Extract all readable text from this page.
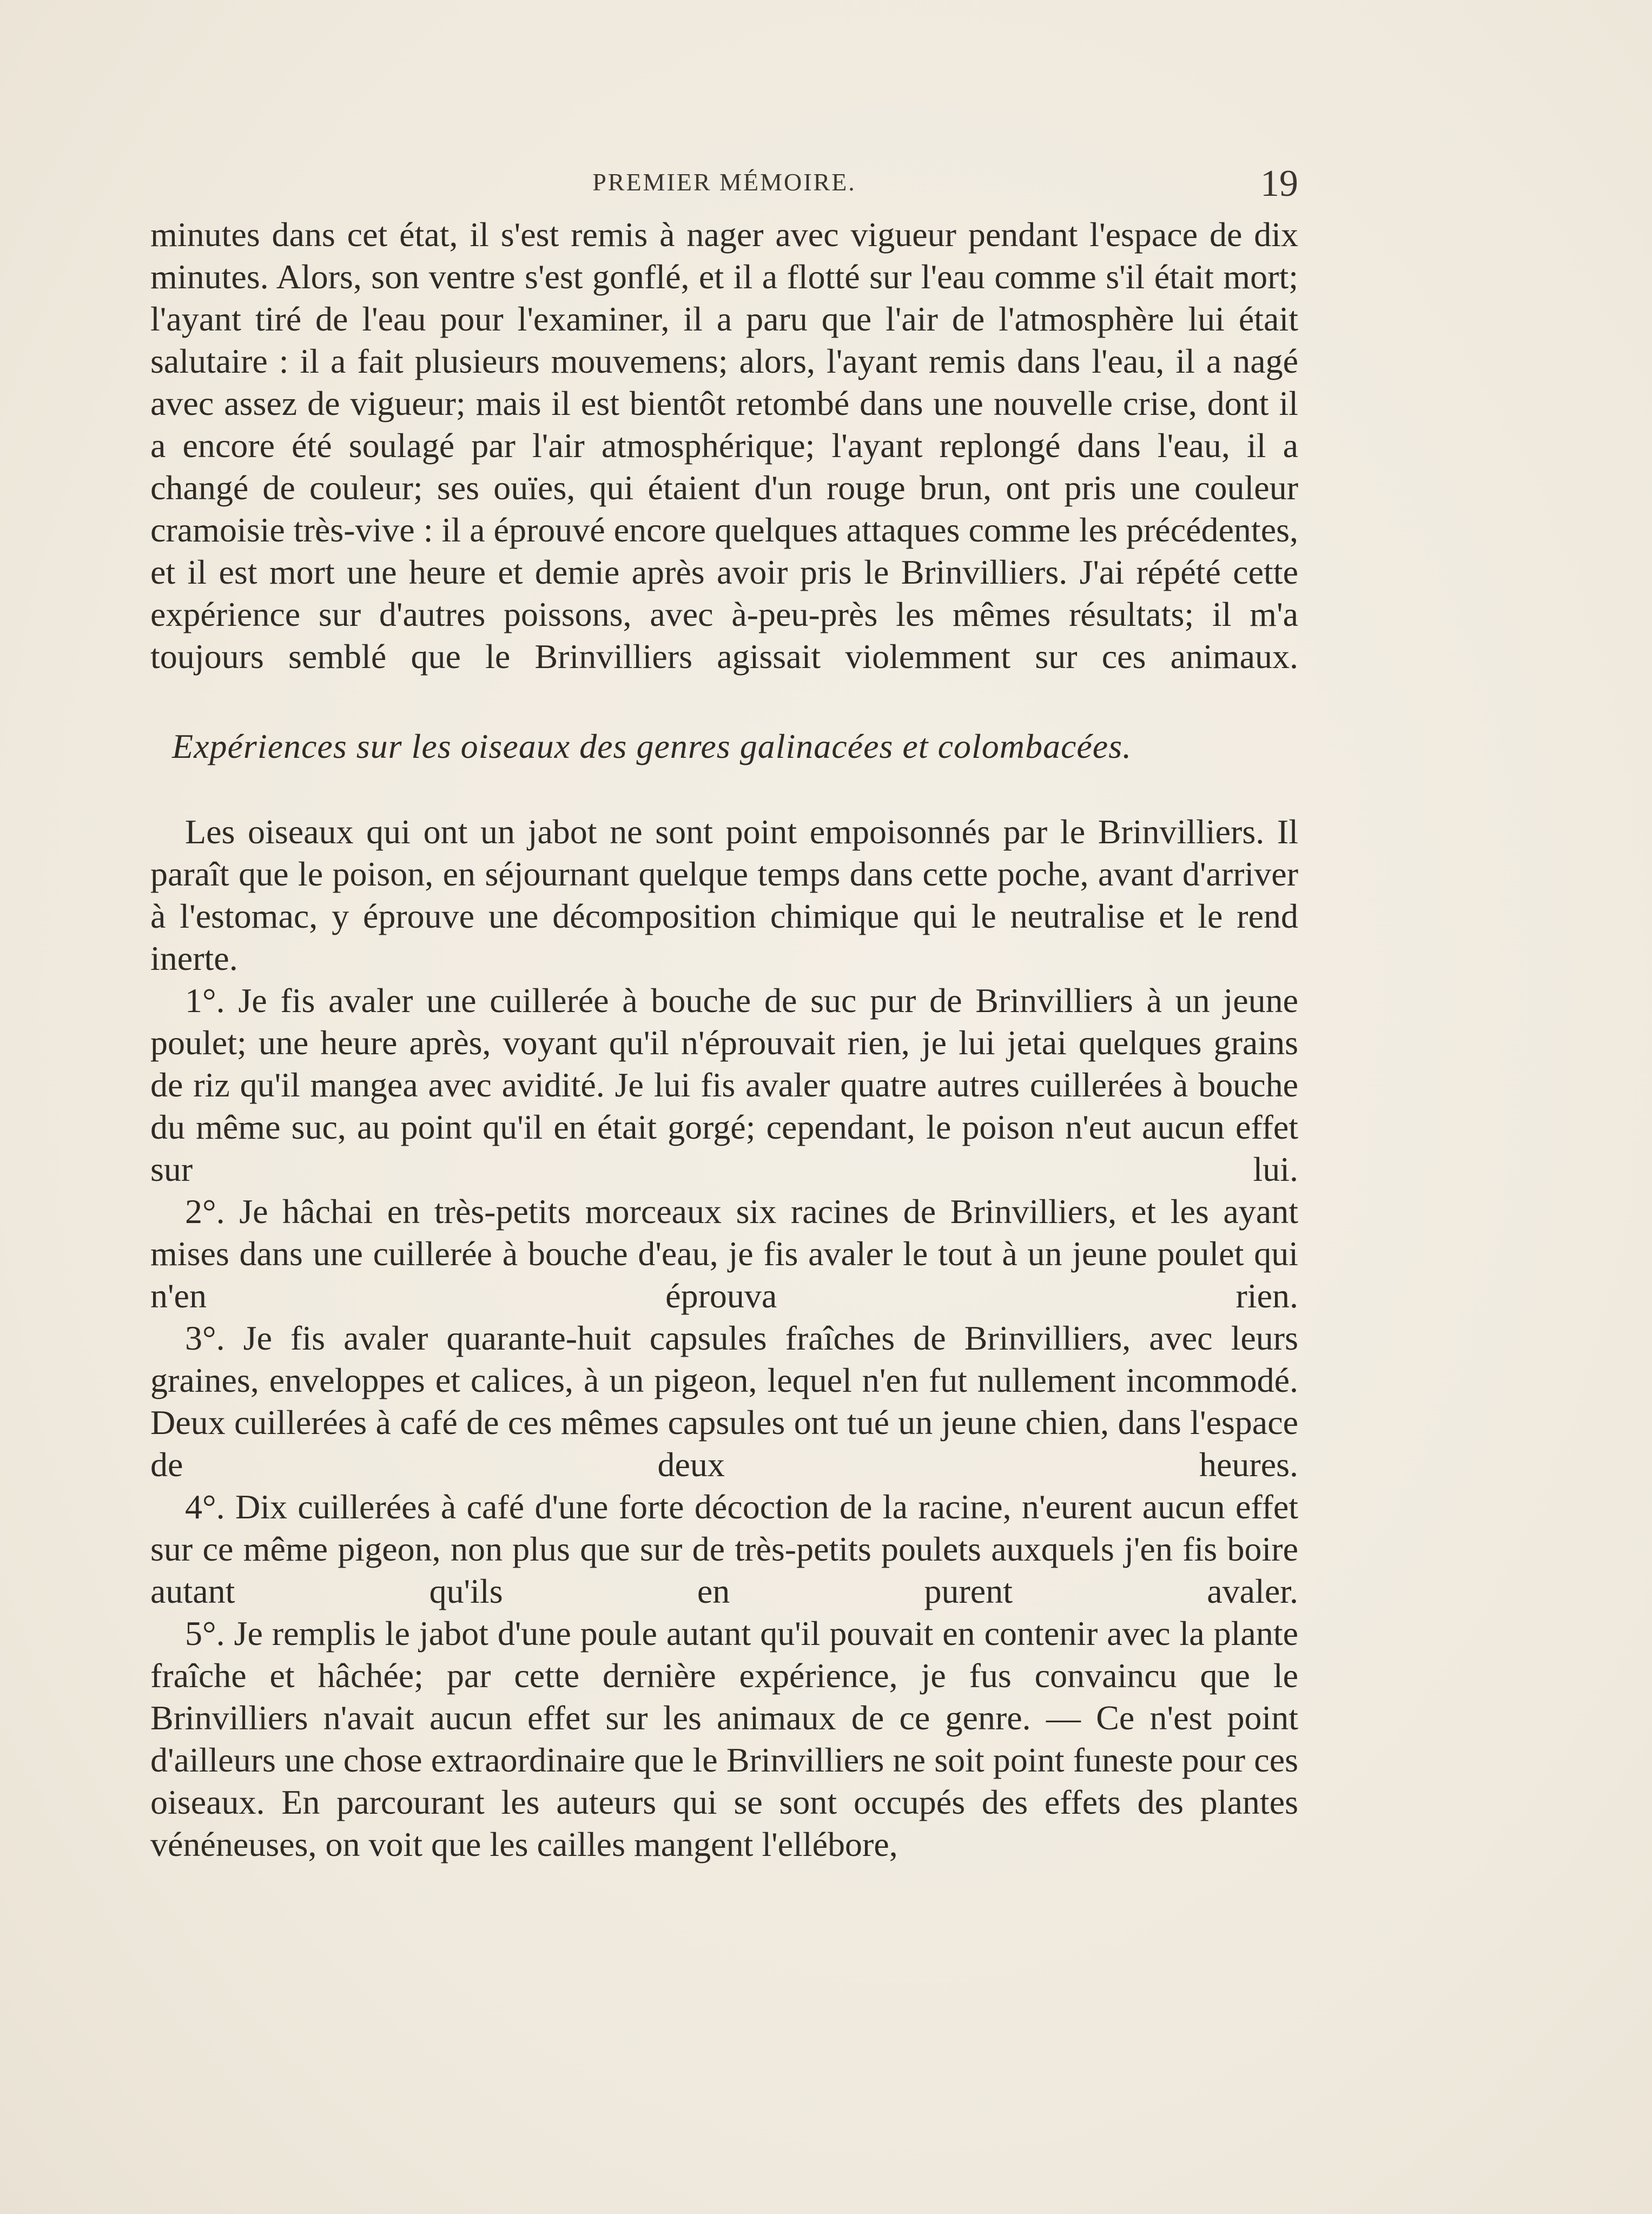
PREMIER MÉMOIRE.	19

minutes dans cet état, il s'est remis à nager avec vigueur pendant l'espace de dix minutes. Alors, son ventre s'est gonflé, et il a flotté sur l'eau comme s'il était mort; l'ayant tiré de l'eau pour l'examiner, il a paru que l'air de l'atmosphère lui était salutaire : il a fait plusieurs mouvemens; alors, l'ayant remis dans l'eau, il a nagé avec assez de vigueur; mais il est bientôt retombé dans une nouvelle crise, dont il a encore été soulagé par l'air atmosphérique; l'ayant replongé dans l'eau, il a changé de couleur; ses ouïes, qui étaient d'un rouge brun, ont pris une couleur cramoisie très-vive : il a éprouvé encore quelques attaques comme les précédentes, et il est mort une heure et demie après avoir pris le Brinvilliers. J'ai répété cette expérience sur d'autres poissons, avec à-peu-près les mêmes résultats; il m'a toujours semblé que le Brinvilliers agissait violemment sur ces animaux.

Expériences sur les oiseaux des genres galinacées et colombacées.

Les oiseaux qui ont un jabot ne sont point empoisonnés par le Brinvilliers. Il paraît que le poison, en séjournant quelque temps dans cette poche, avant d'arriver à l'estomac, y éprouve une décomposition chimique qui le neutralise et le rend inerte.

1°. Je fis avaler une cuillerée à bouche de suc pur de Brinvilliers à un jeune poulet; une heure après, voyant qu'il n'éprouvait rien, je lui jetai quelques grains de riz qu'il mangea avec avidité. Je lui fis avaler quatre autres cuillerées à bouche du même suc, au point qu'il en était gorgé; cependant, le poison n'eut aucun effet sur lui.

2°. Je hâchai en très-petits morceaux six racines de Brinvilliers, et les ayant mises dans une cuillerée à bouche d'eau, je fis avaler le tout à un jeune poulet qui n'en éprouva rien.

3°. Je fis avaler quarante-huit capsules fraîches de Brinvilliers, avec leurs graines, enveloppes et calices, à un pigeon, lequel n'en fut nullement incommodé. Deux cuillerées à café de ces mêmes capsules ont tué un jeune chien, dans l'espace de deux heures.

4°. Dix cuillerées à café d'une forte décoction de la racine, n'eurent aucun effet sur ce même pigeon, non plus que sur de très-petits poulets auxquels j'en fis boire autant qu'ils en purent avaler.

5°. Je remplis le jabot d'une poule autant qu'il pouvait en contenir avec la plante fraîche et hâchée; par cette dernière expérience, je fus convaincu que le Brinvilliers n'avait aucun effet sur les animaux de ce genre. — Ce n'est point d'ailleurs une chose extraordinaire que le Brinvilliers ne soit point funeste pour ces oiseaux. En parcourant les auteurs qui se sont occupés des effets des plantes vénéneuses, on voit que les cailles mangent l'ellébore,
